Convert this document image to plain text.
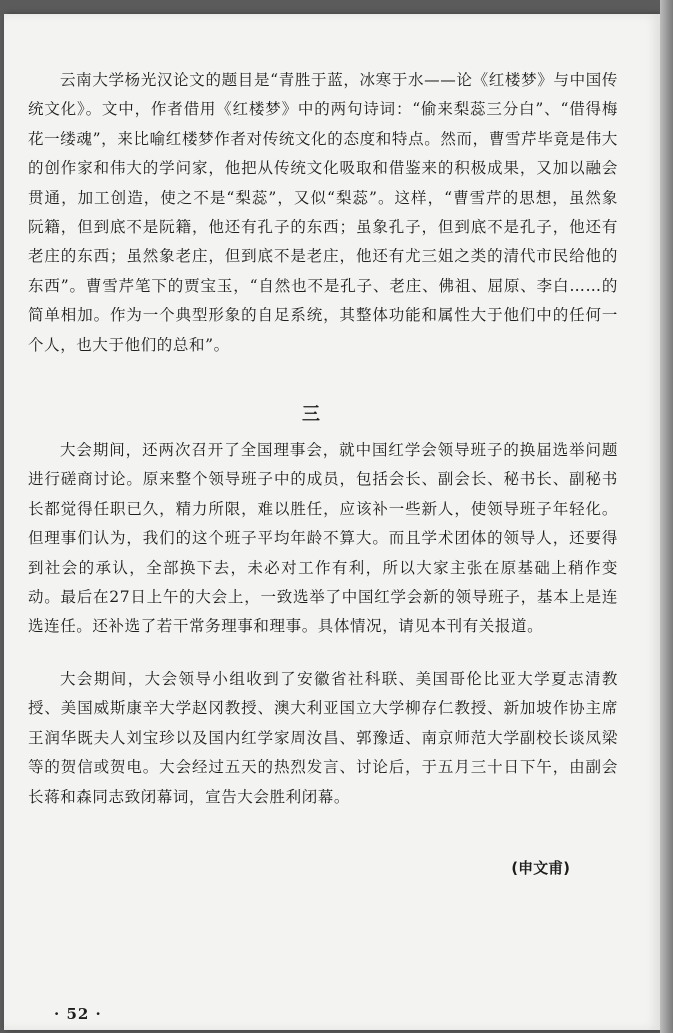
云南大学杨光汉论文的题目是“青胜于蓝，冰寒于水——论《红楼梦》与中国传统文化》。文中，作者借用《红楼梦》中的两句诗词：“偷来梨蕊三分白”、“借得梅花一缕魂”，来比喻红楼梦作者对传统文化的态度和特点。然而，曹雪芹毕竟是伟大的创作家和伟大的学问家，他把从传统文化吸取和借鉴来的积极成果，又加以融会贯通，加工创造，使之不是“梨蕊”，又似“梨蕊”。这样，“曹雪芹的思想，虽然象阮籍，但到底不是阮籍，他还有孔子的东西；虽象孔子，但到底不是孔子，他还有老庄的东西；虽然象老庄，但到底不是老庄，他还有尤三姐之类的清代市民给他的东西”。曹雪芹笔下的贾宝玉，“自然也不是孔子、老庄、佛祖、屈原、李白……的简单相加。作为一个典型形象的自足系统，其整体功能和属性大于他们中的任何一个人，也大于他们的总和”。

三

大会期间，还两次召开了全国理事会，就中国红学会领导班子的换届选举问题进行磋商讨论。原来整个领导班子中的成员，包括会长、副会长、秘书长、副秘书长都觉得任职已久，精力所限，难以胜任，应该补一些新人，使领导班子年轻化。但理事们认为，我们的这个班子平均年龄不算大。而且学术团体的领导人，还要得到社会的承认，全部换下去，未必对工作有利，所以大家主张在原基础上稍作变动。最后在27日上午的大会上，一致选举了中国红学会新的领导班子，基本上是连选连任。还补选了若干常务理事和理事。具体情况，请见本刊有关报道。

大会期间，大会领导小组收到了安徽省社科联、美国哥伦比亚大学夏志清教授、美国威斯康辛大学赵冈教授、澳大利亚国立大学柳存仁教授、新加坡作协主席王润华既夫人刘宝珍以及国内红学家周汝昌、郭豫适、南京师范大学副校长谈凤梁等的贺信或贺电。大会经过五天的热烈发言、讨论后，于五月三十日下午，由副会长蒋和森同志致闭幕词，宣告大会胜利闭幕。

(申文甫)

· 52 ·
